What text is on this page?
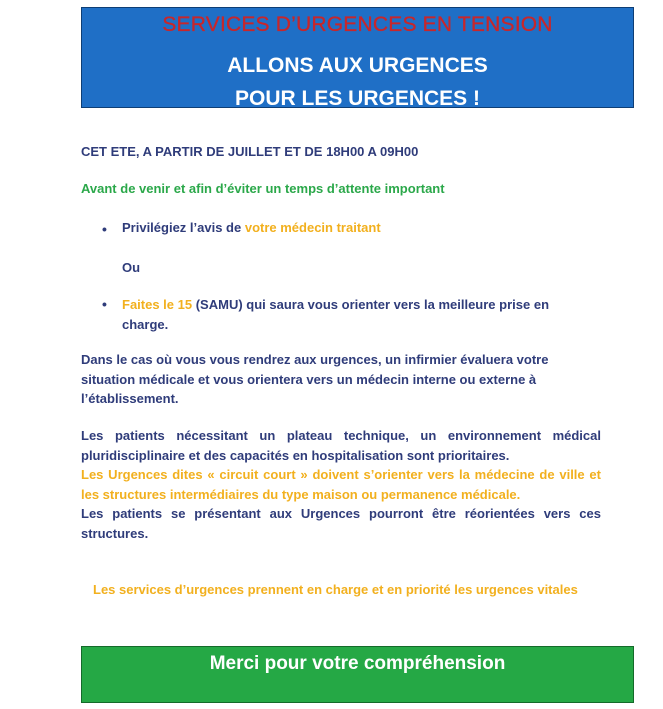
SERVICES D’URGENCES EN TENSION
ALLONS AUX URGENCES
POUR LES URGENCES !
CET ETE, A PARTIR DE JUILLET ET DE 18H00 A 09H00
Avant de venir et afin d’éviter un temps d’attente important
• Privilégiez l’avis de votre médecin traitant
Ou
• Faites le 15 (SAMU) qui saura vous orienter vers la meilleure prise en charge.
Dans le cas où vous vous rendrez aux urgences, un infirmier évaluera votre situation médicale et vous orientera vers un médecin interne ou externe à l’établissement.
Les patients nécessitant un plateau technique, un environnement médical pluridisciplinaire et des capacités en hospitalisation sont prioritaires.
Les Urgences dites « circuit court » doivent s’orienter vers la médecine de ville et les structures intermédiaires du type maison ou permanence médicale.
Les patients se présentant aux Urgences pourront être réorientées vers ces structures.
Les services d’urgences prennent en charge et en priorité les urgences vitales
Merci pour votre compréhension
